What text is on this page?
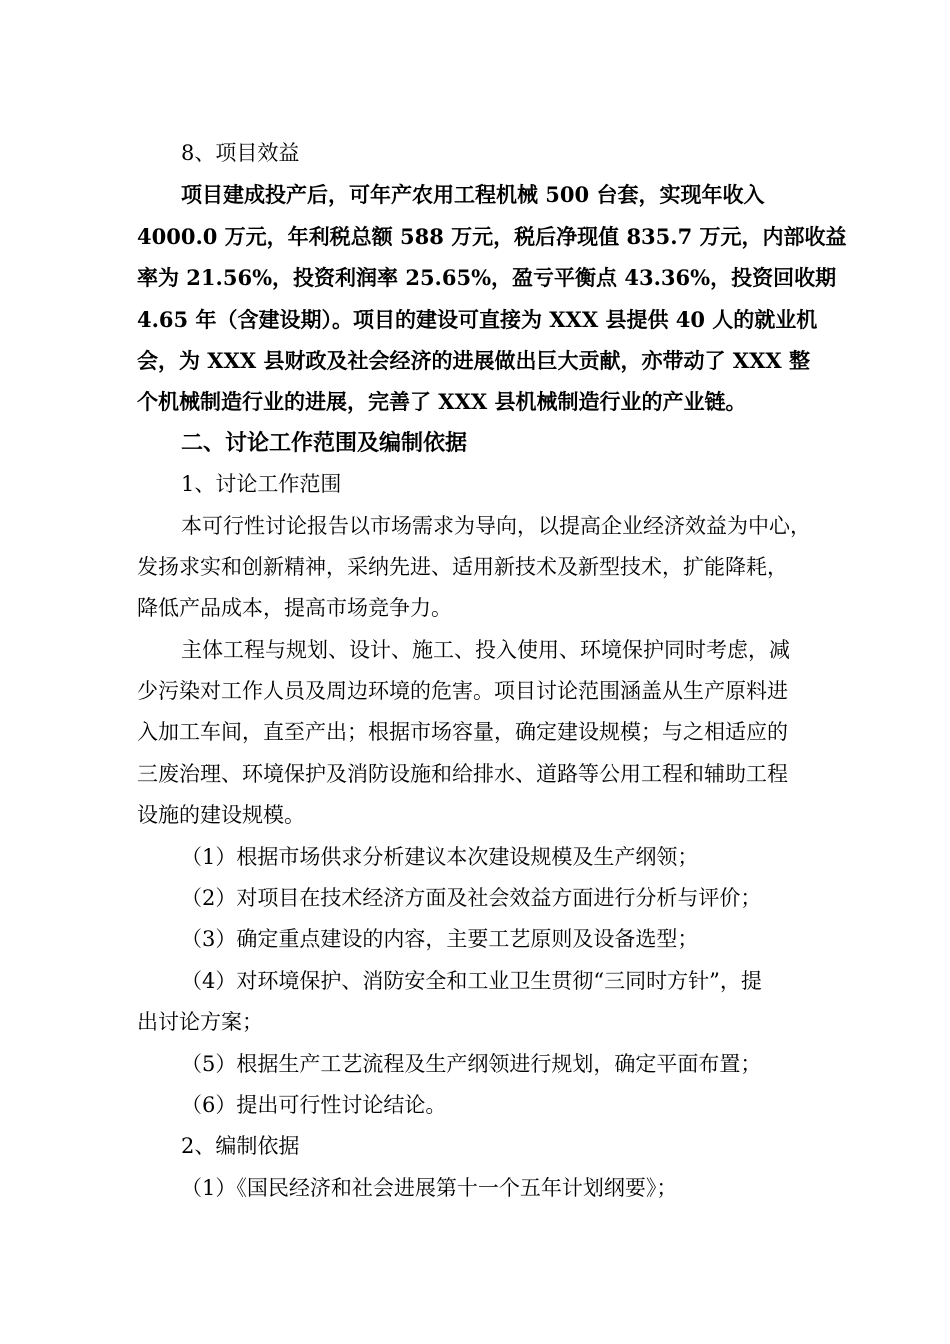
8、项目效益
项目建成投产后，可年产农用工程机械 500 台套，实现年收入
4000.0 万元，年利税总额 588 万元，税后净现值 835.7 万元，内部收益
率为 21.56%，投资利润率 25.65%，盈亏平衡点 43.36%，投资回收期
4.65 年（含建设期）。项目的建设可直接为 XXX 县提供 40 人的就业机
会，为 XXX 县财政及社会经济的进展做出巨大贡献，亦带动了 XXX 整
个机械制造行业的进展，完善了 XXX 县机械制造行业的产业链。
二、讨论工作范围及编制依据
1、讨论工作范围
本可行性讨论报告以市场需求为导向，以提高企业经济效益为中心，
发扬求实和创新精神，采纳先进、适用新技术及新型技术，扩能降耗，
降低产品成本，提高市场竞争力。
主体工程与规划、设计、施工、投入使用、环境保护同时考虑，减
少污染对工作人员及周边环境的危害。项目讨论范围涵盖从生产原料进
入加工车间，直至产出；根据市场容量，确定建设规模；与之相适应的
三废治理、环境保护及消防设施和给排水、道路等公用工程和辅助工程
设施的建设规模。
（1）根据市场供求分析建议本次建设规模及生产纲领；
（2）对项目在技术经济方面及社会效益方面进行分析与评价；
（3）确定重点建设的内容，主要工艺原则及设备选型；
（4）对环境保护、消防安全和工业卫生贯彻“三同时方针”，提
出讨论方案；
（5）根据生产工艺流程及生产纲领进行规划，确定平面布置；
（6）提出可行性讨论结论。
2、编制依据
（1）《国民经济和社会进展第十一个五年计划纲要》；
